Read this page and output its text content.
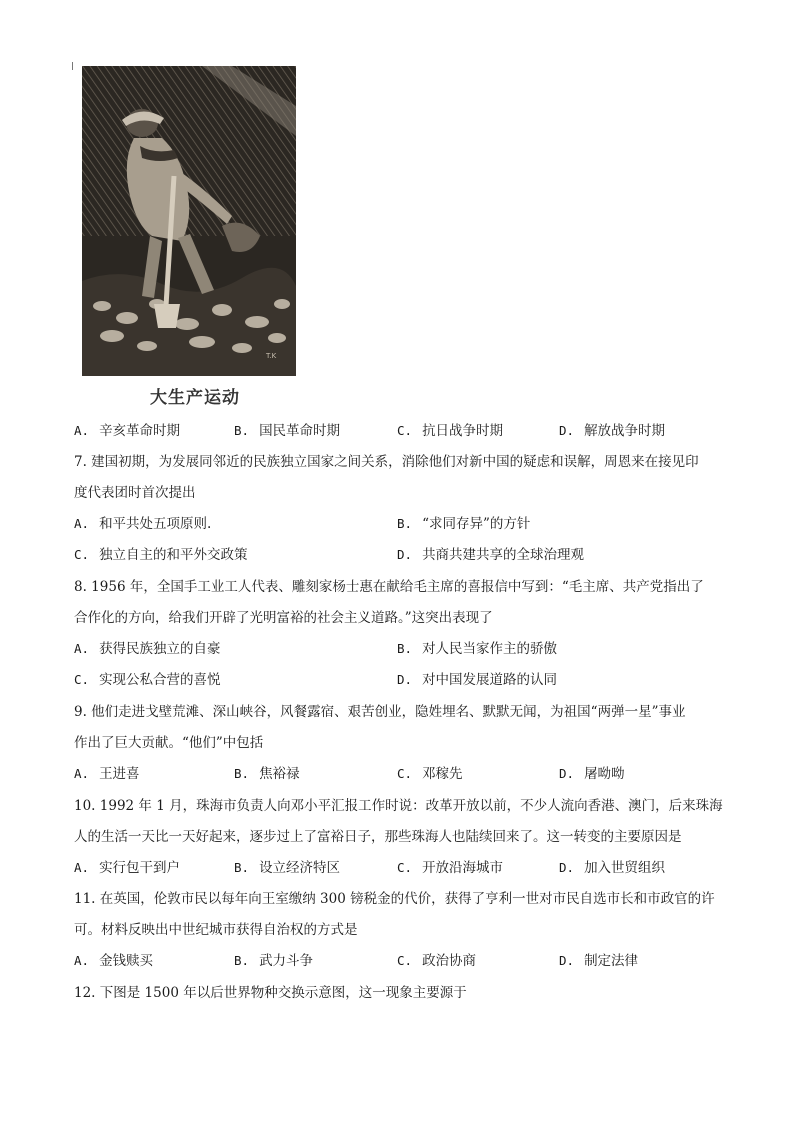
T.K
大生产运动
A. 辛亥革命时期	B. 国民革命时期	C. 抗日战争时期	D. 解放战争时期
7. 建国初期，为发展同邻近的民族独立国家之间关系，消除他们对新中国的疑虑和误解，周恩来在接见印
度代表团时首次提出
A. 和平共处五项原则.	B. “求同存异”的方针
C. 独立自主的和平外交政策	D. 共商共建共享的全球治理观
8. 1956 年，全国手工业工人代表、雕刻家杨士惠在献给毛主席的喜报信中写到：“毛主席、共产党指出了
合作化的方向，给我们开辟了光明富裕的社会主义道路。”这突出表现了
A. 获得民族独立的自豪	B. 对人民当家作主的骄傲
C. 实现公私合营的喜悦	D. 对中国发展道路的认同
9. 他们走进戈壁荒滩、深山峡谷，风餐露宿、艰苦创业，隐姓埋名、默默无闻，为祖国“两弹一星”事业
作出了巨大贡献。“他们”中包括
A. 王进喜	B. 焦裕禄	C. 邓稼先	D. 屠呦呦
10. 1992 年 1 月，珠海市负责人向邓小平汇报工作时说：改革开放以前，不少人流向香港、澳门，后来珠海
人的生活一天比一天好起来，逐步过上了富裕日子，那些珠海人也陆续回来了。这一转变的主要原因是
A. 实行包干到户	B. 设立经济特区	C. 开放沿海城市	D. 加入世贸组织
11. 在英国，伦敦市民以每年向王室缴纳 300 镑税金的代价，获得了亨利一世对市民自选市长和市政官的许
可。材料反映出中世纪城市获得自治权的方式是
A. 金钱赎买	B. 武力斗争	C. 政治协商	D. 制定法律
12. 下图是 1500 年以后世界物种交换示意图，这一现象主要源于
